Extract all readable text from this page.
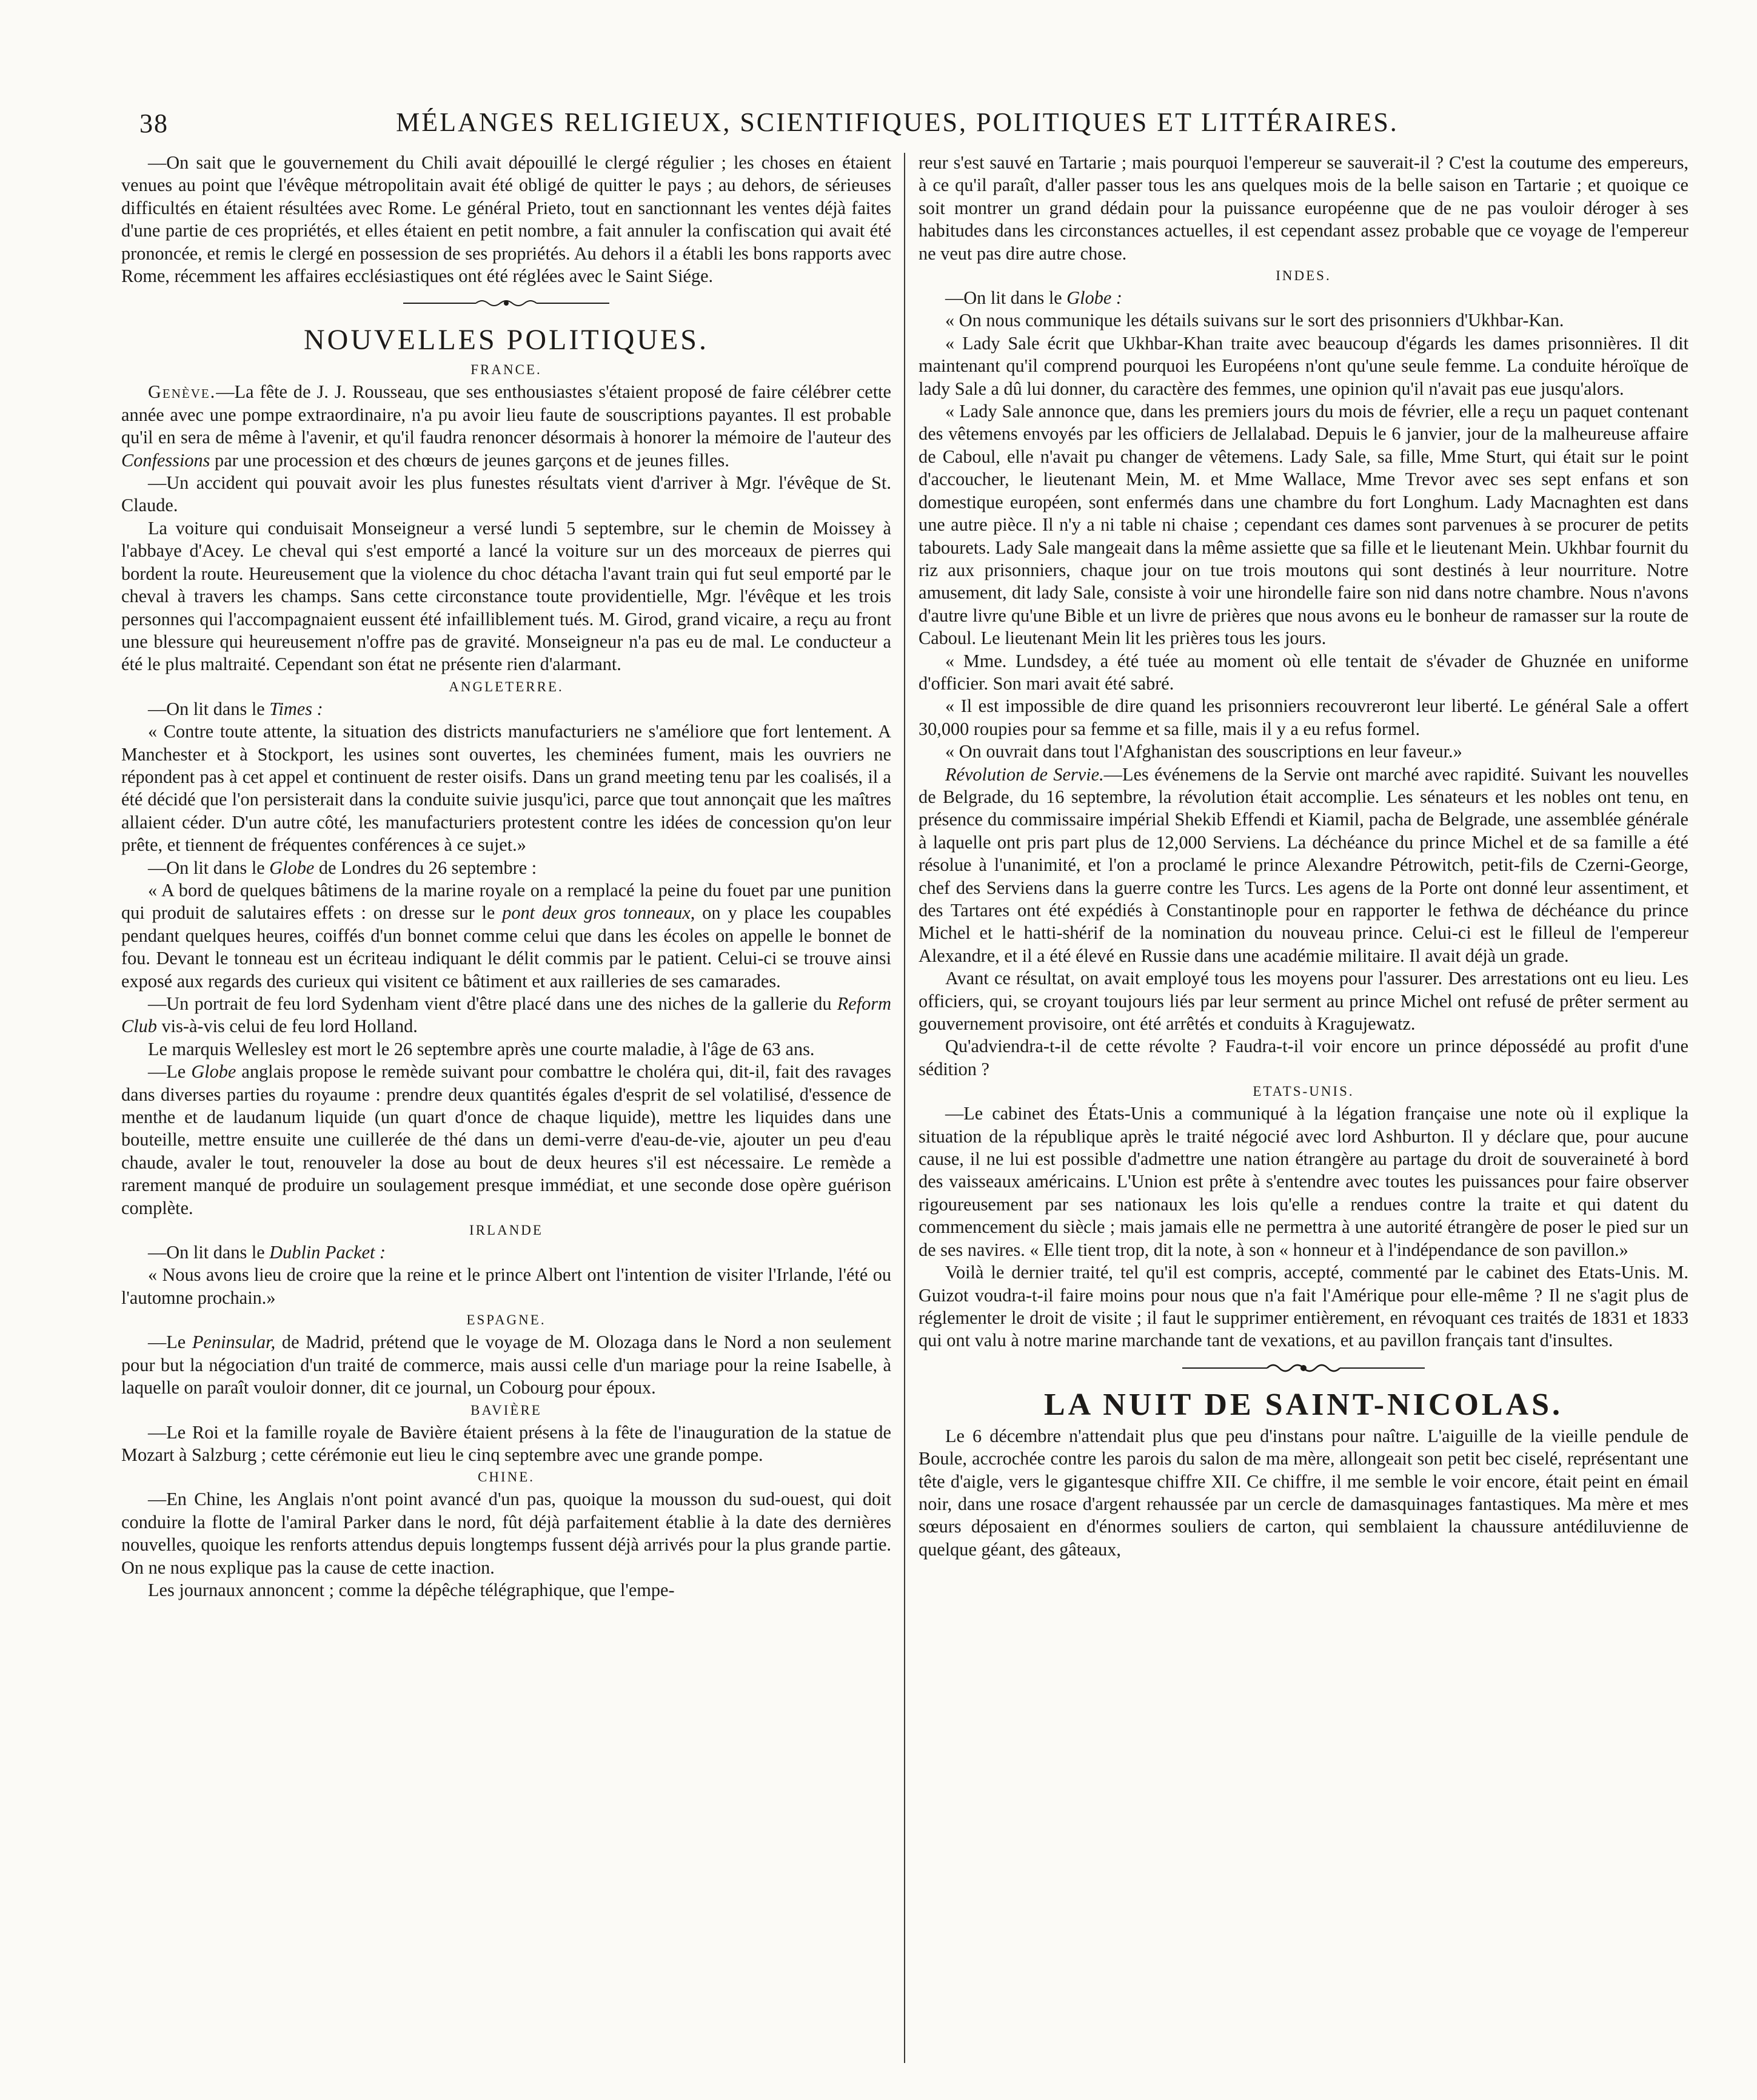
38	MÉLANGES RELIGIEUX, SCIENTIFIQUES, POLITIQUES ET LITTÉRAIRES.

—On sait que le gouvernement du Chili avait dépouillé le clergé régulier ; les choses en étaient venues au point que l'évêque métropolitain avait été obligé de quitter le pays ; au dehors, de sérieuses difficultés en étaient résultées avec Rome. Le général Prieto, tout en sanctionnant les ventes déjà faites d'une partie de ces propriétés, et elles étaient en petit nombre, a fait annuler la confiscation qui avait été prononcée, et remis le clergé en possession de ses propriétés. Au dehors il a établi les bons rapports avec Rome, récemment les affaires ecclésiastiques ont été réglées avec le Saint Siége.

NOUVELLES POLITIQUES.
FRANCE.

Genève.—La fête de J. J. Rousseau, que ses enthousiastes s'étaient proposé de faire célébrer cette année avec une pompe extraordinaire, n'a pu avoir lieu faute de souscriptions payantes. Il est probable qu'il en sera de même à l'avenir, et qu'il faudra renoncer désormais à honorer la mémoire de l'auteur des Confessions par une procession et des chœurs de jeunes garçons et de jeunes filles.

—Un accident qui pouvait avoir les plus funestes résultats vient d'arriver à Mgr. l'évêque de St. Claude.

La voiture qui conduisait Monseigneur a versé lundi 5 septembre, sur le chemin de Moissey à l'abbaye d'Acey. Le cheval qui s'est emporté a lancé la voiture sur un des morceaux de pierres qui bordent la route. Heureusement que la violence du choc détacha l'avant train qui fut seul emporté par le cheval à travers les champs. Sans cette circonstance toute providentielle, Mgr. l'évêque et les trois personnes qui l'accompagnaient eussent été infailliblement tués. M. Girod, grand vicaire, a reçu au front une blessure qui heureusement n'offre pas de gravité. Monseigneur n'a pas eu de mal. Le conducteur a été le plus maltraité. Cependant son état ne présente rien d'alarmant.

ANGLETERRE.

—On lit dans le Times :

« Contre toute attente, la situation des districts manufacturiers ne s'améliore que fort lentement. A Manchester et à Stockport, les usines sont ouvertes, les cheminées fument, mais les ouvriers ne répondent pas à cet appel et continuent de rester oisifs. Dans un grand meeting tenu par les coalisés, il a été décidé que l'on persisterait dans la conduite suivie jusqu'ici, parce que tout annonçait que les maîtres allaient céder. D'un autre côté, les manufacturiers protestent contre les idées de concession qu'on leur prête, et tiennent de fréquentes conférences à ce sujet.»

—On lit dans le Globe de Londres du 26 septembre :

« A bord de quelques bâtimens de la marine royale on a remplacé la peine du fouet par une punition qui produit de salutaires effets : on dresse sur le pont deux gros tonneaux, on y place les coupables pendant quelques heures, coiffés d'un bonnet comme celui que dans les écoles on appelle le bonnet de fou. Devant le tonneau est un écriteau indiquant le délit commis par le patient. Celui-ci se trouve ainsi exposé aux regards des curieux qui visitent ce bâtiment et aux railleries de ses camarades.

—Un portrait de feu lord Sydenham vient d'être placé dans une des niches de la gallerie du Reform Club vis-à-vis celui de feu lord Holland.

Le marquis Wellesley est mort le 26 septembre après une courte maladie, à l'âge de 63 ans.

—Le Globe anglais propose le remède suivant pour combattre le choléra qui, dit-il, fait des ravages dans diverses parties du royaume : prendre deux quantités égales d'esprit de sel volatilisé, d'essence de menthe et de laudanum liquide (un quart d'once de chaque liquide), mettre les liquides dans une bouteille, mettre ensuite une cuillerée de thé dans un demi-verre d'eau-de-vie, ajouter un peu d'eau chaude, avaler le tout, renouveler la dose au bout de deux heures s'il est nécessaire. Le remède a rarement manqué de produire un soulagement presque immédiat, et une seconde dose opère guérison complète.

IRLANDE

—On lit dans le Dublin Packet :

« Nous avons lieu de croire que la reine et le prince Albert ont l'intention de visiter l'Irlande, l'été ou l'automne prochain.»

ESPAGNE.

—Le Peninsular, de Madrid, prétend que le voyage de M. Olozaga dans le Nord a non seulement pour but la négociation d'un traité de commerce, mais aussi celle d'un mariage pour la reine Isabelle, à laquelle on paraît vouloir donner, dit ce journal, un Cobourg pour époux.

BAVIÈRE

—Le Roi et la famille royale de Bavière étaient présens à la fête de l'inauguration de la statue de Mozart à Salzburg ; cette cérémonie eut lieu le cinq septembre avec une grande pompe.

CHINE.

—En Chine, les Anglais n'ont point avancé d'un pas, quoique la mousson du sud-ouest, qui doit conduire la flotte de l'amiral Parker dans le nord, fût déjà parfaitement établie à la date des dernières nouvelles, quoique les renforts attendus depuis longtemps fussent déjà arrivés pour la plus grande partie. On ne nous explique pas la cause de cette inaction.

Les journaux annoncent ; comme la dépêche télégraphique, que l'empe-

reur s'est sauvé en Tartarie ; mais pourquoi l'empereur se sauverait-il ? C'est la coutume des empereurs, à ce qu'il paraît, d'aller passer tous les ans quelques mois de la belle saison en Tartarie ; et quoique ce soit montrer un grand dédain pour la puissance européenne que de ne pas vouloir déroger à ses habitudes dans les circonstances actuelles, il est cependant assez probable que ce voyage de l'empereur ne veut pas dire autre chose.

INDES.

—On lit dans le Globe :

« On nous communique les détails suivans sur le sort des prisonniers d'Ukhbar-Kan.

« Lady Sale écrit que Ukhbar-Khan traite avec beaucoup d'égards les dames prisonnières. Il dit maintenant qu'il comprend pourquoi les Européens n'ont qu'une seule femme. La conduite héroïque de lady Sale a dû lui donner, du caractère des femmes, une opinion qu'il n'avait pas eue jusqu'alors.

« Lady Sale annonce que, dans les premiers jours du mois de février, elle a reçu un paquet contenant des vêtemens envoyés par les officiers de Jellalabad. Depuis le 6 janvier, jour de la malheureuse affaire de Caboul, elle n'avait pu changer de vêtemens. Lady Sale, sa fille, Mme Sturt, qui était sur le point d'accoucher, le lieutenant Mein, M. et Mme Wallace, Mme Trevor avec ses sept enfans et son domestique européen, sont enfermés dans une chambre du fort Longhum. Lady Macnaghten est dans une autre pièce. Il n'y a ni table ni chaise ; cependant ces dames sont parvenues à se procurer de petits tabourets. Lady Sale mangeait dans la même assiette que sa fille et le lieutenant Mein. Ukhbar fournit du riz aux prisonniers, chaque jour on tue trois moutons qui sont destinés à leur nourriture. Notre amusement, dit lady Sale, consiste à voir une hirondelle faire son nid dans notre chambre. Nous n'avons d'autre livre qu'une Bible et un livre de prières que nous avons eu le bonheur de ramasser sur la route de Caboul. Le lieutenant Mein lit les prières tous les jours.

« Mme. Lundsdey, a été tuée au moment où elle tentait de s'évader de Ghuznée en uniforme d'officier. Son mari avait été sabré.

« Il est impossible de dire quand les prisonniers recouvreront leur liberté. Le général Sale a offert 30,000 roupies pour sa femme et sa fille, mais il y a eu refus formel.

« On ouvrait dans tout l'Afghanistan des souscriptions en leur faveur.»

Révolution de Servie.—Les événemens de la Servie ont marché avec rapidité. Suivant les nouvelles de Belgrade, du 16 septembre, la révolution était accomplie. Les sénateurs et les nobles ont tenu, en présence du commissaire impérial Shekib Effendi et Kiamil, pacha de Belgrade, une assemblée générale à laquelle ont pris part plus de 12,000 Serviens. La déchéance du prince Michel et de sa famille a été résolue à l'unanimité, et l'on a proclamé le prince Alexandre Pétrowitch, petit-fils de Czerni-George, chef des Serviens dans la guerre contre les Turcs. Les agens de la Porte ont donné leur assentiment, et des Tartares ont été expédiés à Constantinople pour en rapporter le fethwa de déchéance du prince Michel et le hatti-shérif de la nomination du nouveau prince. Celui-ci est le filleul de l'empereur Alexandre, et il a été élevé en Russie dans une académie militaire. Il avait déjà un grade.

Avant ce résultat, on avait employé tous les moyens pour l'assurer. Des arrestations ont eu lieu. Les officiers, qui, se croyant toujours liés par leur serment au prince Michel ont refusé de prêter serment au gouvernement provisoire, ont été arrêtés et conduits à Kragujewatz.

Qu'adviendra-t-il de cette révolte ? Faudra-t-il voir encore un prince dépossédé au profit d'une sédition ?

ETATS-UNIS.

—Le cabinet des États-Unis a communiqué à la légation française une note où il explique la situation de la république après le traité négocié avec lord Ashburton. Il y déclare que, pour aucune cause, il ne lui est possible d'admettre une nation étrangère au partage du droit de souveraineté à bord des vaisseaux américains. L'Union est prête à s'entendre avec toutes les puissances pour faire observer rigoureusement par ses nationaux les lois qu'elle a rendues contre la traite et qui datent du commencement du siècle ; mais jamais elle ne permettra à une autorité étrangère de poser le pied sur un de ses navires. « Elle tient trop, dit la note, à son « honneur et à l'indépendance de son pavillon.»

Voilà le dernier traité, tel qu'il est compris, accepté, commenté par le cabinet des Etats-Unis. M. Guizot voudra-t-il faire moins pour nous que n'a fait l'Amérique pour elle-même ? Il ne s'agit plus de réglementer le droit de visite ; il faut le supprimer entièrement, en révoquant ces traités de 1831 et 1833 qui ont valu à notre marine marchande tant de vexations, et au pavillon français tant d'insultes.

LA NUIT DE SAINT-NICOLAS.

Le 6 décembre n'attendait plus que peu d'instans pour naître. L'aiguille de la vieille pendule de Boule, accrochée contre les parois du salon de ma mère, allongeait son petit bec ciselé, représentant une tête d'aigle, vers le gigantesque chiffre XII. Ce chiffre, il me semble le voir encore, était peint en émail noir, dans une rosace d'argent rehaussée par un cercle de damasquinages fantastiques. Ma mère et mes sœurs déposaient en d'énormes souliers de carton, qui semblaient la chaussure antédiluvienne de quelque géant, des gâteaux,
